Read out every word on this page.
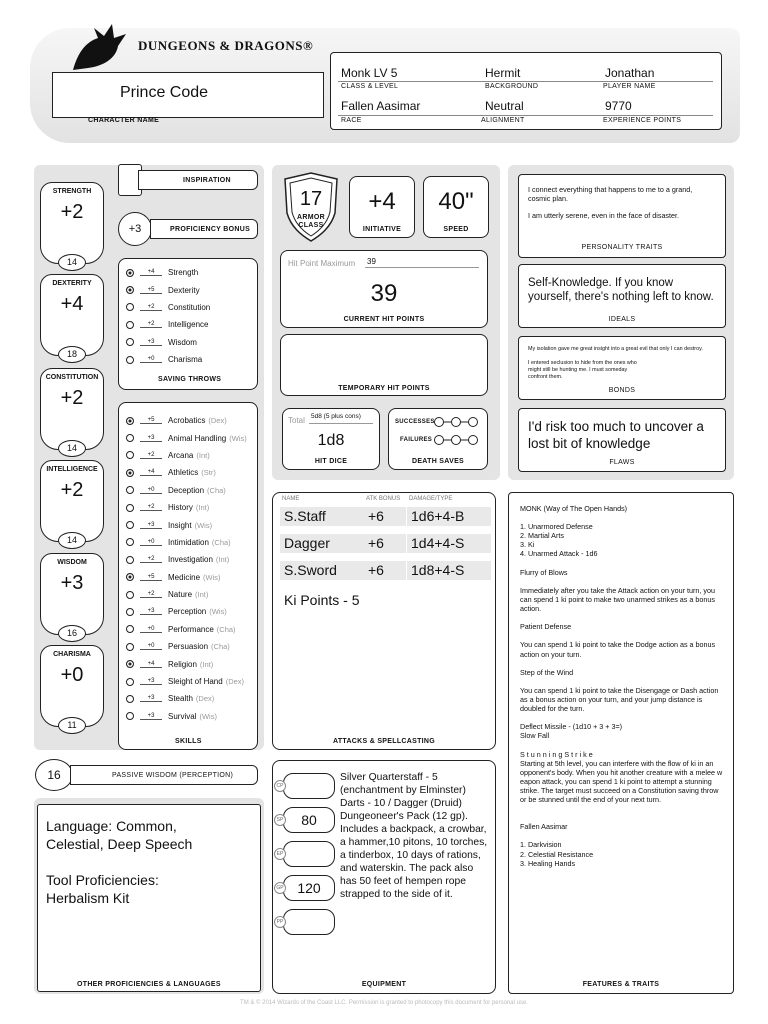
DUNGEONS & DRAGONS®
Prince Code
CHARACTER NAME
Monk LV 5
CLASS & LEVEL
Hermit
BACKGROUND
Jonathan
PLAYER NAME
Fallen Aasimar
RACE
Neutral
ALIGNMENT
9770
EXPERIENCE POINTS
STRENGTH
+2
14
DEXTERITY
+4
18
CONSTITUTION
+2
14
INTELLIGENCE
+2
14
WISDOM
+3
16
CHARISMA
+0
11
INSPIRATION
+3	PROFICIENCY BONUS
+4	Strength
+5	Dexterity
+2	Constitution
+2	Intelligence
+3	Wisdom
+0	Charisma
SAVING THROWS
+5	Acrobatics (Dex)
+3	Animal Handling (Wis)
+2	Arcana (Int)
+4	Athletics (Str)
+0	Deception (Cha)
+2	History (Int)
+3	Insight (Wis)
+0	Intimidation (Cha)
+2	Investigation (Int)
+5	Medicine (Wis)
+2	Nature (Int)
+3	Perception (Wis)
+0	Performance (Cha)
+0	Persuasion (Cha)
+4	Religion (Int)
+3	Sleight of Hand (Dex)
+3	Stealth (Dex)
+3	Survival (Wis)
SKILLS
16	PASSIVE WISDOM (PERCEPTION)
Language: Common,
Celestial, Deep Speech
Tool Proficiencies:
Herbalism Kit
OTHER PROFICIENCIES & LANGUAGES
17
ARMOR CLASS
+4
INITIATIVE
40"
SPEED
Hit Point Maximum 39
39
CURRENT HIT POINTS
TEMPORARY HIT POINTS
Total 5d8 (5 plus cons)
1d8
HIT DICE
SUCCESSES
FAILURES
DEATH SAVES
NAME	ATK BONUS DAMAGE/TYPE
S.Staff	+6	1d6+4-B
Dagger	+6	1d4+4-S
S.Sword	+6	1d8+4-S
Ki Points - 5
ATTACKS & SPELLCASTING
CP
SP 80
EP
GP 120
PP
Silver Quarterstaff - 5 (enchantment by Elminster) Darts - 10 / Dagger (Druid) Dungeoneer's Pack (12 gp). Includes a backpack, a crowbar, a hammer,10 pitons, 10 torches, a tinderbox, 10 days of rations, and waterskin. The pack also has 50 feet of hempen rope strapped to the side of it.
EQUIPMENT
I connect everything that happens to me to a grand, cosmic plan.
I am utterly serene, even in the face of disaster.
PERSONALITY TRAITS
Self-Knowledge. If you know yourself, there's nothing left to know.
IDEALS
My isolation gave me great insight into a great evil that only I can destroy.
I entered seclusion to hide from the ones who might still be hunting me. I must someday confront them.
BONDS
I'd risk too much to uncover a lost bit of knowledge
FLAWS
MONK (Way of The Open Hands)
1. Unarmored Defense
2. Martial Arts
3. Ki
4. Unarmed Attack - 1d6
Flurry of Blows
Immediately after you take the Attack action on your turn, you can spend 1 ki point to make two unarmed strikes as a bonus action.
Patient Defense
You can spend 1 ki point to take the Dodge action as a bonus action on your turn.
Step of the Wind
You can spend 1 ki point to take the Disengage or Dash action as a bonus action on your turn, and your jump distance is doubled for the turn.
Deflect Missile - (1d10 + 3 + 3=)
Slow Fall
S t u n n i n g S t r i k e
Starting at 5th level, you can interfere with the flow of ki in an opponent's body. When you hit another creature with a melee w eapon attack, you can spend 1 ki point to attempt a stunning strike. The target must succeed on a Constitution saving throw or be stunned until the end of your next turn.
Fallen Aasimar
1. Darkvision
2. Celestial Resistance
3. Healing Hands
FEATURES & TRAITS
TM & © 2014 Wizards of the Coast LLC. Permission is granted to photocopy this document for personal use.
